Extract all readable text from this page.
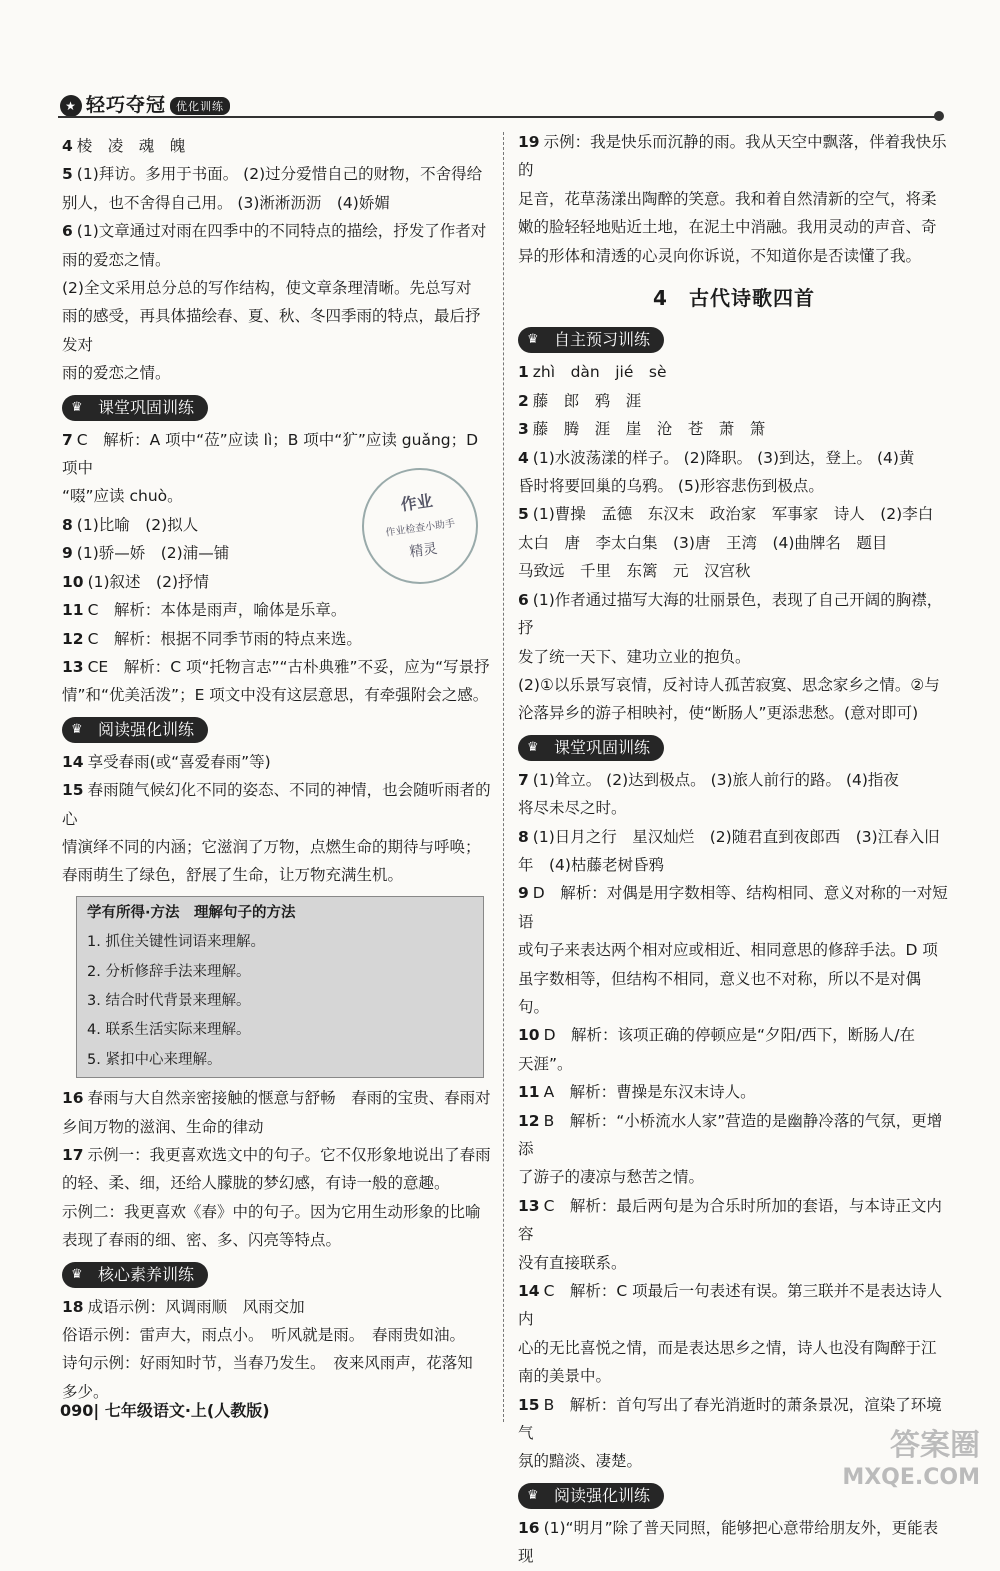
★ 轻巧夺冠 优化训练
4 棱　凌　魂　魄
5 (1)拜访。多用于书面。 (2)过分爱惜自己的财物，不舍得给
别人，也不舍得自己用。 (3)淅淅沥沥　(4)娇媚
6 (1)文章通过对雨在四季中的不同特点的描绘，抒发了作者对
雨的爱恋之情。
(2)全文采用总分总的写作结构，使文章条理清晰。先总写对
雨的感受，再具体描绘春、夏、秋、冬四季雨的特点，最后抒发对
雨的爱恋之情。
♛ 课堂巩固训练
7 C　解析：A 项中“莅”应读 lì；B 项中“犷”应读 guǎng；D 项中
“啜”应读 chuò。
8 (1)比喻　(2)拟人
9 (1)骄—娇　(2)浦—铺
10 (1)叙述　(2)抒情
11 C　解析：本体是雨声，喻体是乐章。
12 C　解析：根据不同季节雨的特点来选。
13 CE　解析：C 项“托物言志”“古朴典雅”不妥，应为“写景抒
情”和“优美活泼”；E 项文中没有这层意思，有牵强附会之感。
♛ 阅读强化训练
14 享受春雨(或“喜爱春雨”等)
15 春雨随气候幻化不同的姿态、不同的神情，也会随听雨者的心
情演绎不同的内涵；它滋润了万物，点燃生命的期待与呼唤；
春雨萌生了绿色，舒展了生命，让万物充满生机。
学有所得·方法　理解句子的方法
1. 抓住关键性词语来理解。
2. 分析修辞手法来理解。
3. 结合时代背景来理解。
4. 联系生活实际来理解。
5. 紧扣中心来理解。
16 春雨与大自然亲密接触的惬意与舒畅　春雨的宝贵、春雨对
乡间万物的滋润、生命的律动
17 示例一：我更喜欢选文中的句子。它不仅形象地说出了春雨
的轻、柔、细，还给人朦胧的梦幻感，有诗一般的意趣。
示例二：我更喜欢《春》中的句子。因为它用生动形象的比喻
表现了春雨的细、密、多、闪亮等特点。
♛ 核心素养训练
18 成语示例：风调雨顺　风雨交加
俗语示例：雷声大，雨点小。　听风就是雨。　春雨贵如油。
诗句示例：好雨知时节，当春乃发生。　夜来风雨声，花落知
多少。
19 示例：我是快乐而沉静的雨。我从天空中飘落，伴着我快乐的
足音，花草荡漾出陶醉的笑意。我和着自然清新的空气，将柔
嫩的脸轻轻地贴近土地，在泥土中消融。我用灵动的声音、奇
异的形体和清透的心灵向你诉说，不知道你是否读懂了我。
4　古代诗歌四首
♛ 自主预习训练
1 zhì　dàn　jié　sè
2 藤　郎　鸦　涯
3 藤　腾　涯　崖　沧　苍　萧　箫
4 (1)水波荡漾的样子。 (2)降职。 (3)到达，登上。 (4)黄
昏时将要回巢的乌鸦。 (5)形容悲伤到极点。
5 (1)曹操　孟德　东汉末　政治家　军事家　诗人　(2)李白
太白　唐　李太白集　(3)唐　王湾　(4)曲牌名　题目
马致远　千里　东篱　元　汉宫秋
6 (1)作者通过描写大海的壮丽景色，表现了自己开阔的胸襟，抒
发了统一天下、建功立业的抱负。
(2)①以乐景写哀情，反衬诗人孤苦寂寞、思念家乡之情。②与
沦落异乡的游子相映衬，使“断肠人”更添悲愁。(意对即可)
♛ 课堂巩固训练
7 (1)耸立。 (2)达到极点。 (3)旅人前行的路。 (4)指夜
将尽未尽之时。
8 (1)日月之行　星汉灿烂　(2)随君直到夜郎西　(3)江春入旧
年　(4)枯藤老树昏鸦
9 D　解析：对偶是用字数相等、结构相同、意义对称的一对短语
或句子来表达两个相对应或相近、相同意思的修辞手法。D 项
虽字数相等，但结构不相同，意义也不对称，所以不是对偶句。
10 D　解析：该项正确的停顿应是“夕阳/西下，断肠人/在
天涯”。
11 A　解析：曹操是东汉末诗人。
12 B　解析：“小桥流水人家”营造的是幽静冷落的气氛，更增添
了游子的凄凉与愁苦之情。
13 C　解析：最后两句是为合乐时所加的套语，与本诗正文内容
没有直接联系。
14 C　解析：C 项最后一句表述有误。第三联并不是表达诗人内
心的无比喜悦之情，而是表达思乡之情，诗人也没有陶醉于江
南的美景中。
15 B　解析：首句写出了春光消逝时的萧条景况，渲染了环境气
氛的黯淡、凄楚。
♛ 阅读强化训练
16 (1)“明月”除了普天同照，能够把心意带给朋友外，更能表现
作业
作业检查小助手
精灵
090| 七年级语文·上(人教版)
答案圈
MXQE.COM
